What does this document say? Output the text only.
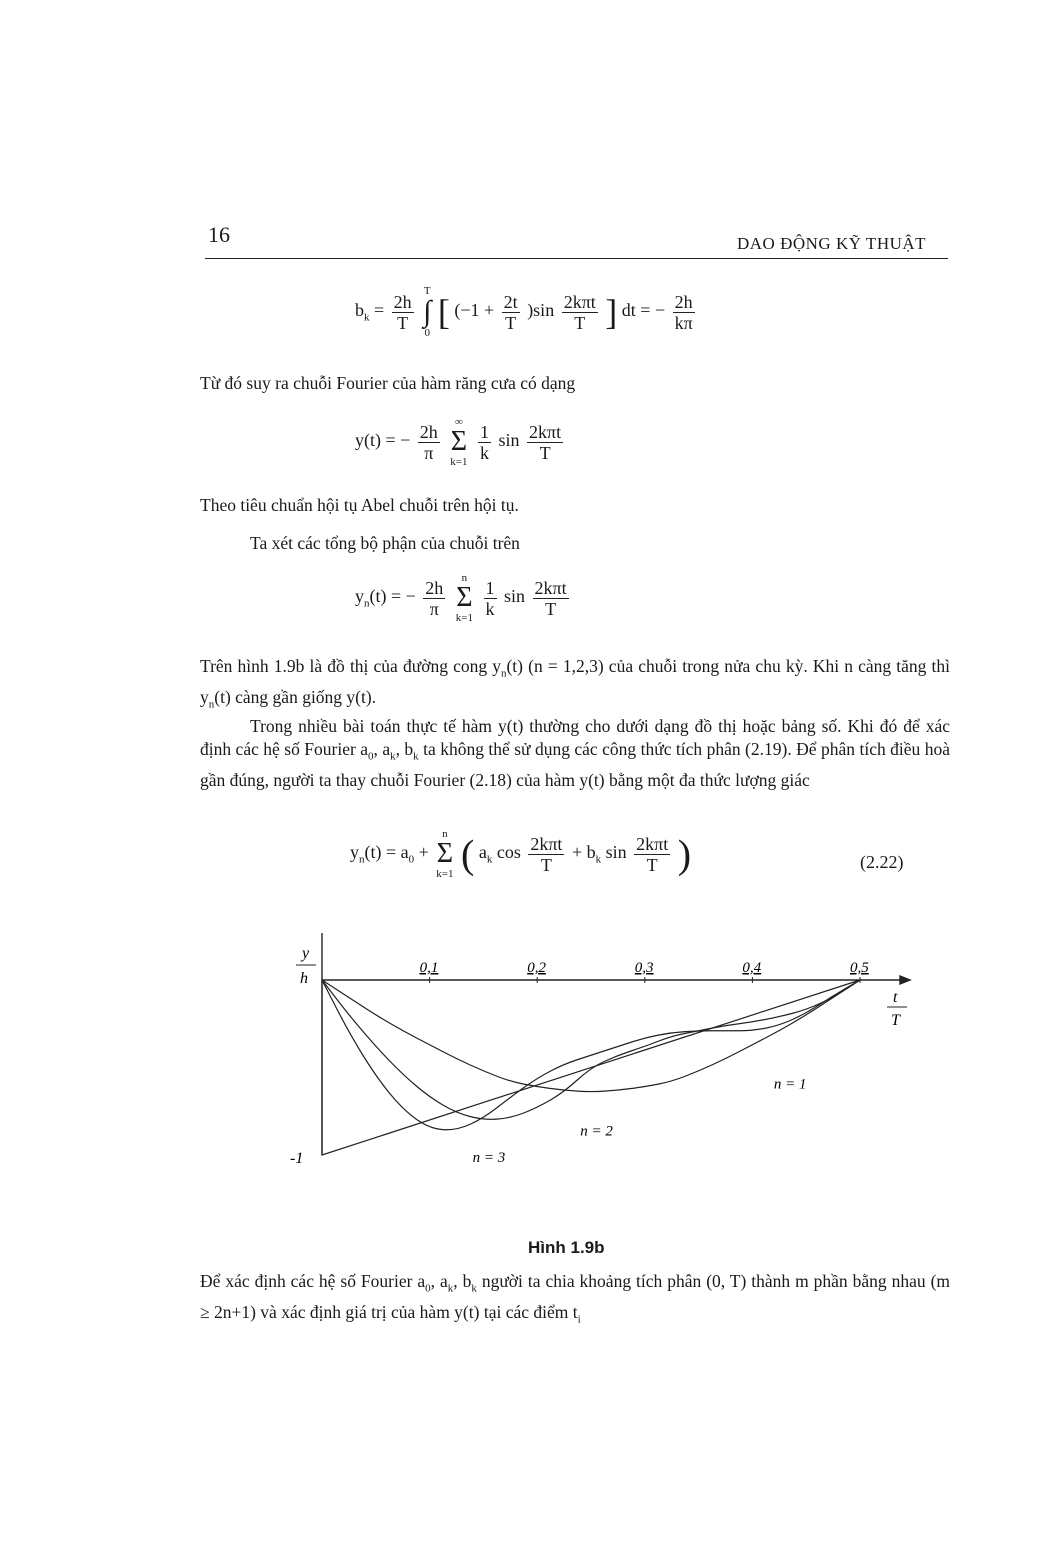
16	DAO ĐỘNG KỸ THUẬT
$b_k = \frac{2h}{T}$

T
∫
0
[ $(-1 + \frac{2t}{T} )\sin \frac{\text{2kπt}}{T}$ ] dt = − $\frac{2h}{k\pi}$
Từ đó suy ra chuỗi Fourier của hàm răng cưa có dạng
y(t) = − $\frac{2h}{\pi}$
∞
Σ
k=1
$\frac{1}{k}$ $\sin \frac{\text{2kπt}}{T}$
Theo tiêu chuẩn hội tụ Abel chuỗi trên hội tụ.
Ta xét các tổng bộ phận của chuỗi trên
$y_n(t)$ = − $\frac{2h}{\pi}$
n
Σ
k=1
$\frac{1}{k}$ $\sin \frac{\text{2kπt}}{T}$
Trên hình 1.9b là đồ thị của đường cong $y_n(t) (n = 1,2,3)$ của chuỗi trong nửa chu kỳ. Khi n càng tăng thì $y_n(t)$ càng gần giống y(t).
Trong nhiều bài toán thực tế hàm y(t) thường cho dưới dạng đồ thị hoặc bảng số. Khi đó để xác định các hệ số Fourier $a_0$, $a_k$, $b_k$ ta không thể sử dụng các công thức tích phân (2.19). Để phân tích điều hoà gần đúng, người ta thay chuỗi Fourier (2.18) của hàm y(t) bằng một đa thức lượng giác
$y_n(t) = a_0$ +
n
Σ
k=1 ( $a_k$ $\cos \frac{\text{2kπt}}{T} + b_k$ $\sin \frac{\text{2kπt}}{T}$ )	(2.22)
y
h
t
T
-1
0,1	0,2	0,3	0,4	0,5
n = 1
n = 2
n = 3
Hình 1.9b
Để xác định các hệ số Fourier $a_0$, $a_k$, $b_k$ người ta chia khoảng tích phân (0, T) thành m phần bằng nhau (m ≥ 2n+1) và xác định giá trị của hàm y(t) tại các điểm $t_i$
